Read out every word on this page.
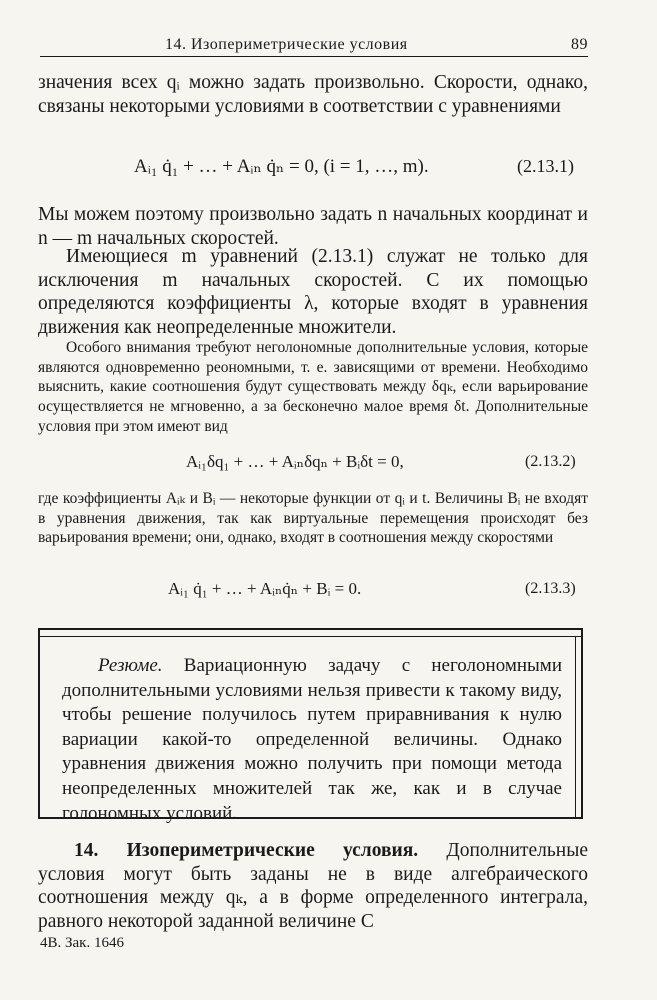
14. Изопериметрические условия	89

значения всех qᵢ можно задать произвольно. Скорости, однако, связаны некоторыми условиями в соответствии с уравнениями

Aᵢ₁ q̇₁ + … + Aᵢₙ q̇ₙ = 0, (i = 1, …, m).	(2.13.1)

Мы можем поэтому произвольно задать n начальных координат и n — m начальных скоростей.

Имеющиеся m уравнений (2.13.1) служат не только для исключения m начальных скоростей. С их помощью определяются коэффициенты λ, которые входят в уравнения движения как неопределенные множители.

Особого внимания требуют неголономные дополнительные условия, которые являются одновременно реономными, т. е. зависящими от времени. Необходимо выяснить, какие соотношения будут существовать между δqₖ, если варьирование осуществляется не мгновенно, а за бесконечно малое время δt. Дополнительные условия при этом имеют вид

Aᵢ₁δq₁ + … + Aᵢₙδqₙ + Bᵢδt = 0,	(2.13.2)

где коэффициенты Aᵢₖ и Bᵢ — некоторые функции от qᵢ и t. Величины Bᵢ не входят в уравнения движения, так как виртуальные перемещения происходят без варьирования времени; они, однако, входят в соотношения между скоростями

Aᵢ₁ q̇₁ + … + Aᵢₙq̇ₙ + Bᵢ = 0.	(2.13.3)

Резюме. Вариационную задачу с неголономными дополнительными условиями нельзя привести к такому виду, чтобы решение получилось путем приравнивания к нулю вариации какой-то определенной величины. Однако уравнения движения можно получить при помощи метода неопределенных множителей так же, как и в случае голономных условий.

14. Изопериметрические условия. Дополнительные условия могут быть заданы не в виде алгебраического соотношения между qₖ, а в форме определенного интеграла, равного некоторой заданной величине C

4В. Зак. 1646
